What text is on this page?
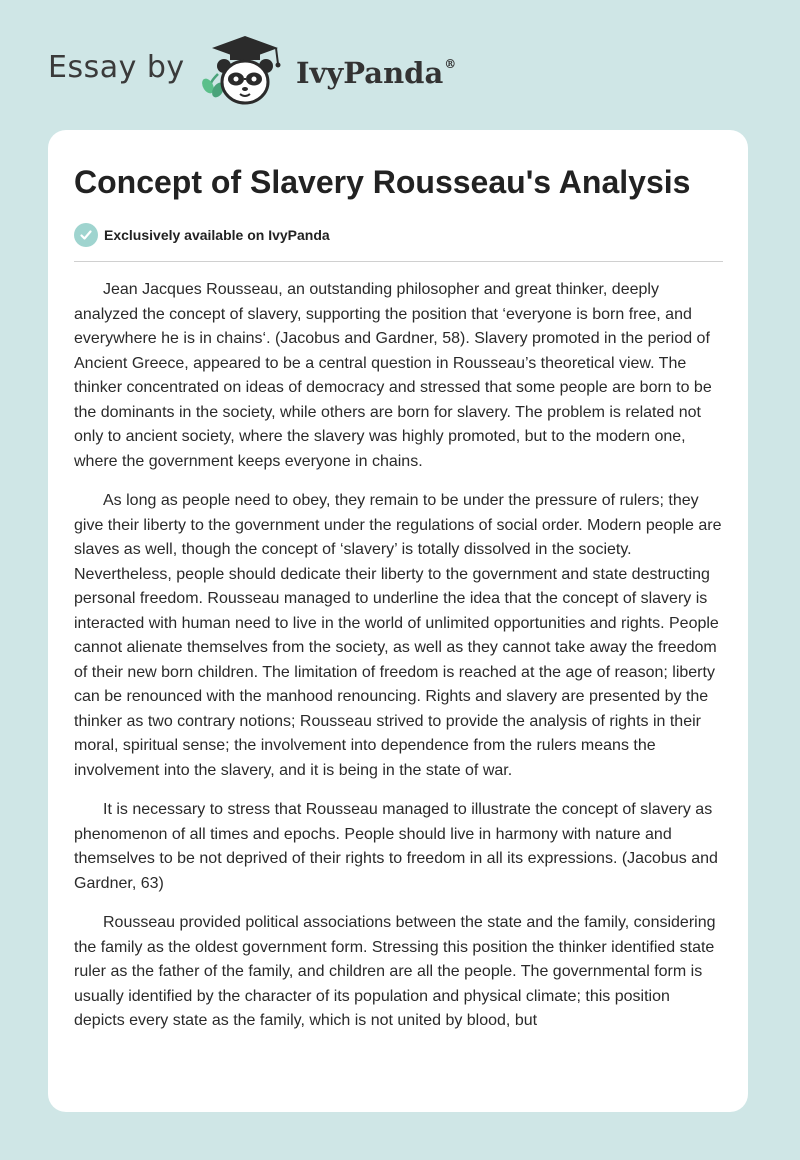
Essay by	IvyPanda®
Concept of Slavery Rousseau's Analysis
Exclusively available on IvyPanda

Jean Jacques Rousseau, an outstanding philosopher and great thinker, deeply analyzed the concept of slavery, supporting the position that ‘everyone is born free, and everywhere he is in chains‘. (Jacobus and Gardner, 58). Slavery promoted in the period of Ancient Greece, appeared to be a central question in Rousseau’s theoretical view. The thinker concentrated on ideas of democracy and stressed that some people are born to be the dominants in the society, while others are born for slavery. The problem is related not only to ancient society, where the slavery was highly promoted, but to the modern one, where the government keeps everyone in chains.

As long as people need to obey, they remain to be under the pressure of rulers; they give their liberty to the government under the regulations of social order. Modern people are slaves as well, though the concept of ‘slavery’ is totally dissolved in the society. Nevertheless, people should dedicate their liberty to the government and state destructing personal freedom. Rousseau managed to underline the idea that the concept of slavery is interacted with human need to live in the world of unlimited opportunities and rights. People cannot alienate themselves from the society, as well as they cannot take away the freedom of their new born children. The limitation of freedom is reached at the age of reason; liberty can be renounced with the manhood renouncing. Rights and slavery are presented by the thinker as two contrary notions; Rousseau strived to provide the analysis of rights in their moral, spiritual sense; the involvement into dependence from the rulers means the involvement into the slavery, and it is being in the state of war.

It is necessary to stress that Rousseau managed to illustrate the concept of slavery as phenomenon of all times and epochs. People should live in harmony with nature and themselves to be not deprived of their rights to freedom in all its expressions. (Jacobus and Gardner, 63)

Rousseau provided political associations between the state and the family, considering the family as the oldest government form. Stressing this position the thinker identified state ruler as the father of the family, and children are all the people. The governmental form is usually identified by the character of its population and physical climate; this position depicts every state as the family, which is not united by blood, but
